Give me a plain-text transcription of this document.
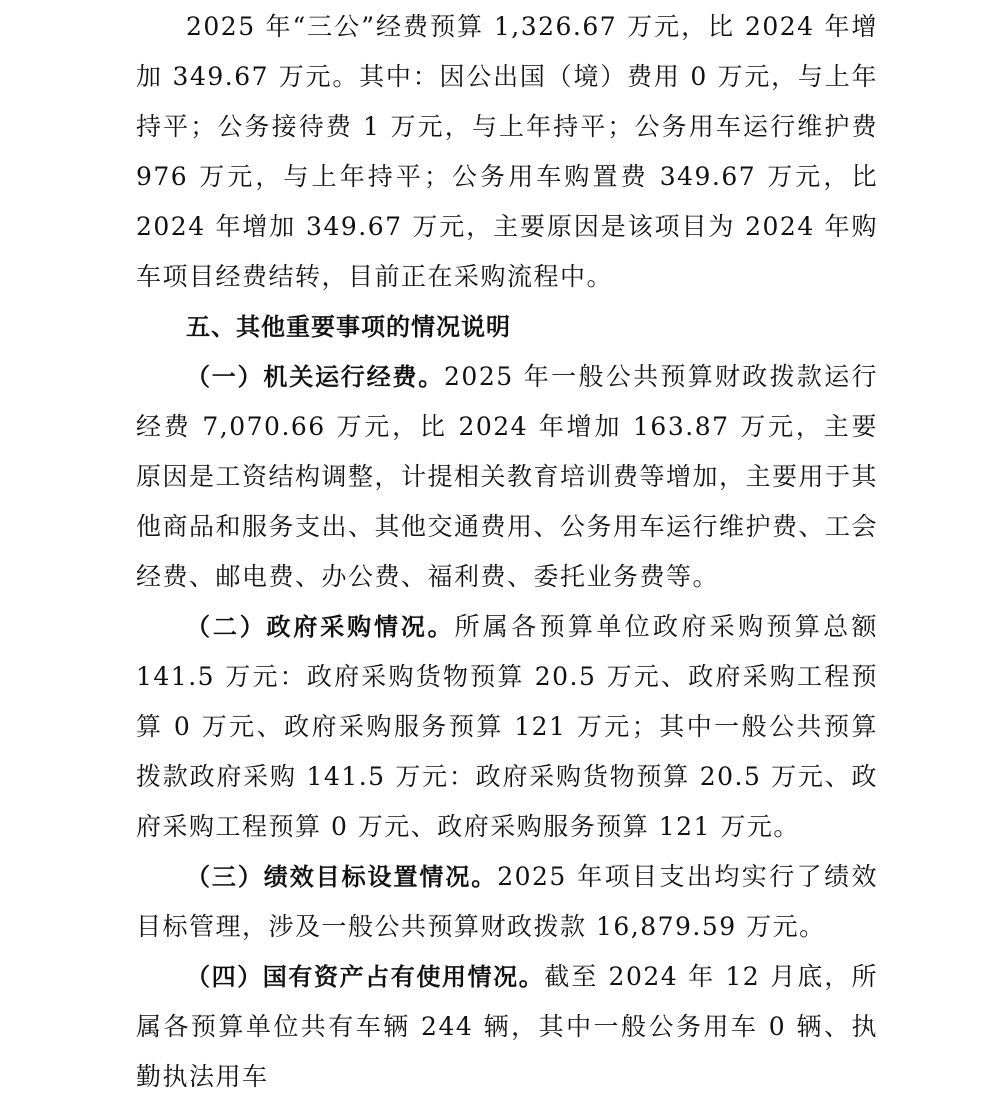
2025 年“三公”经费预算 1,326.67 万元，比 2024 年增加 349.67 万元。其中：因公出国（境）费用 0 万元，与上年持平；公务接待费 1 万元，与上年持平；公务用车运行维护费 976 万元，与上年持平；公务用车购置费 349.67 万元，比 2024 年增加 349.67 万元，主要原因是该项目为 2024 年购车项目经费结转，目前正在采购流程中。

五、其他重要事项的情况说明

（一）机关运行经费。2025 年一般公共预算财政拨款运行经费 7,070.66 万元，比 2024 年增加 163.87 万元，主要原因是工资结构调整，计提相关教育培训费等增加，主要用于其他商品和服务支出、其他交通费用、公务用车运行维护费、工会经费、邮电费、办公费、福利费、委托业务费等。

（二）政府采购情况。所属各预算单位政府采购预算总额 141.5 万元：政府采购货物预算 20.5 万元、政府采购工程预算 0 万元、政府采购服务预算 121 万元；其中一般公共预算拨款政府采购 141.5 万元：政府采购货物预算 20.5 万元、政府采购工程预算 0 万元、政府采购服务预算 121 万元。

（三）绩效目标设置情况。2025 年项目支出均实行了绩效目标管理，涉及一般公共预算财政拨款 16,879.59 万元。

（四）国有资产占有使用情况。截至 2024 年 12 月底，所属各预算单位共有车辆 244 辆，其中一般公务用车 0 辆、执勤执法用车
